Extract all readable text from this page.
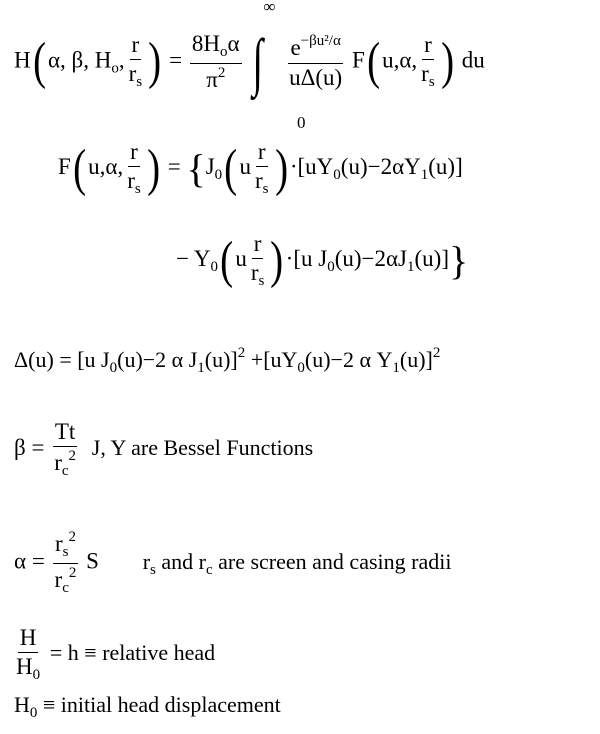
H(α, β, $H_o$, $\frac{r}{r_s}$ ) = $\frac{8H_o\alpha}{\pi^2}$ ∫
∞

$\frac{e^{-\beta u^2/\alpha}}{u\Delta(u)} F(u,\alpha$, $\frac{r}{r_s}$ ) du
0
F(u,α, $\frac{r}{r_s}$ ) = {$J_0(u \frac{r}{r_s} )\cdot[uY_0(u)-2\alpha Y_1(u)]$
− $Y_0(u \frac{r}{r_s} )\cdot[u$ $J_0(u)-2\alpha J_1(u)$]}
Δ(u) = [u $J_0(u)-2$ α $J_1(u)]^2 +[uY_0(u)-2$ α $Y_1(u)]^2$
$\beta = \frac{Tt}{r_c^2} J$, Y are Bessel Functions
$\alpha = \frac{r_s^2}{r_c^2}$ S $r_s$ and $r_c$ are screen and casing radii
$\frac{H}{H_0} = h$ ≡ relative head
$H_0$ ≡ initial head displacement
